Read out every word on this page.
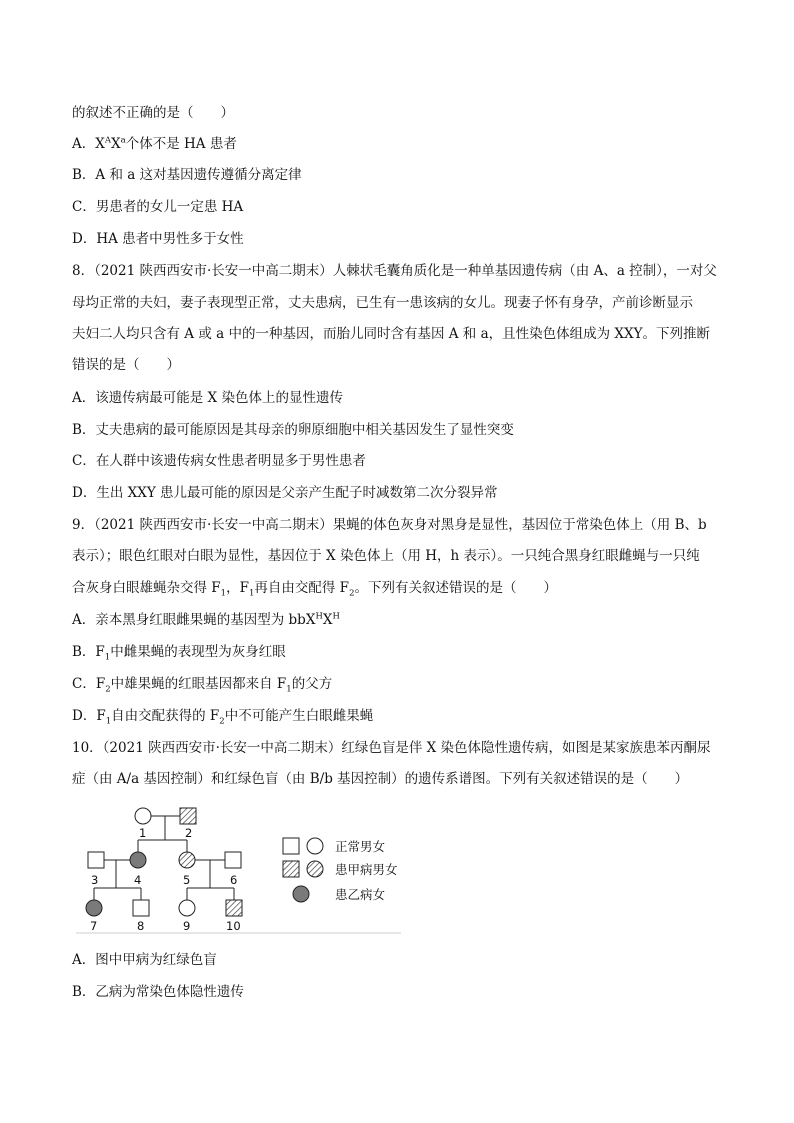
的叙述不正确的是（　　）
A．$X^AX^a$个体不是 HA 患者
B．A 和 a 这对基因遗传遵循分离定律
C．男患者的女儿一定患 HA
D．HA 患者中男性多于女性
8．（2021 陕西西安市·长安一中高二期末）人棘状毛囊角质化是一种单基因遗传病（由 A、a 控制），一对父
母均正常的夫妇，妻子表现型正常，丈夫患病，已生有一患该病的女儿。现妻子怀有身孕，产前诊断显示
夫妇二人均只含有 A 或 a 中的一种基因，而胎儿同时含有基因 A 和 a，且性染色体组成为 XXY。下列推断
错误的是（　　）
A．该遗传病最可能是 X 染色体上的显性遗传
B．丈夫患病的最可能原因是其母亲的卵原细胞中相关基因发生了显性突变
C．在人群中该遗传病女性患者明显多于男性患者
D．生出 XXY 患儿最可能的原因是父亲产生配子时减数第二次分裂异常
9．（2021 陕西西安市·长安一中高二期末）果蝇的体色灰身对黑身是显性，基因位于常染色体上（用 B、b
表示）；眼色红眼对白眼为显性，基因位于 X 染色体上（用 H，h 表示）。一只纯合黑身红眼雌蝇与一只纯
合灰身白眼雄蝇杂交得 $F_1$，$F_1$再自由交配得 $F_2$。下列有关叙述错误的是（　　）
A．亲本黑身红眼雌果蝇的基因型为 $bbX^HX^H$
B．$F_1$中雌果蝇的表现型为灰身红眼
C．$F_2$中雄果蝇的红眼基因都来自 $F_1$的父方
D．$F_1$自由交配获得的 $F_2$中不可能产生白眼雌果蝇
10．（2021 陕西西安市·长安一中高二期末）红绿色盲是伴 X 染色体隐性遗传病，如图是某家族患苯丙酮尿
症（由 A/a 基因控制）和红绿色盲（由 B/b 基因控制）的遗传系谱图。下列有关叙述错误的是（　　）
1	2
3	4	5	6
7	8	9	10
正常男女
患甲病男女
患乙病女
A．图中甲病为红绿色盲
B．乙病为常染色体隐性遗传
